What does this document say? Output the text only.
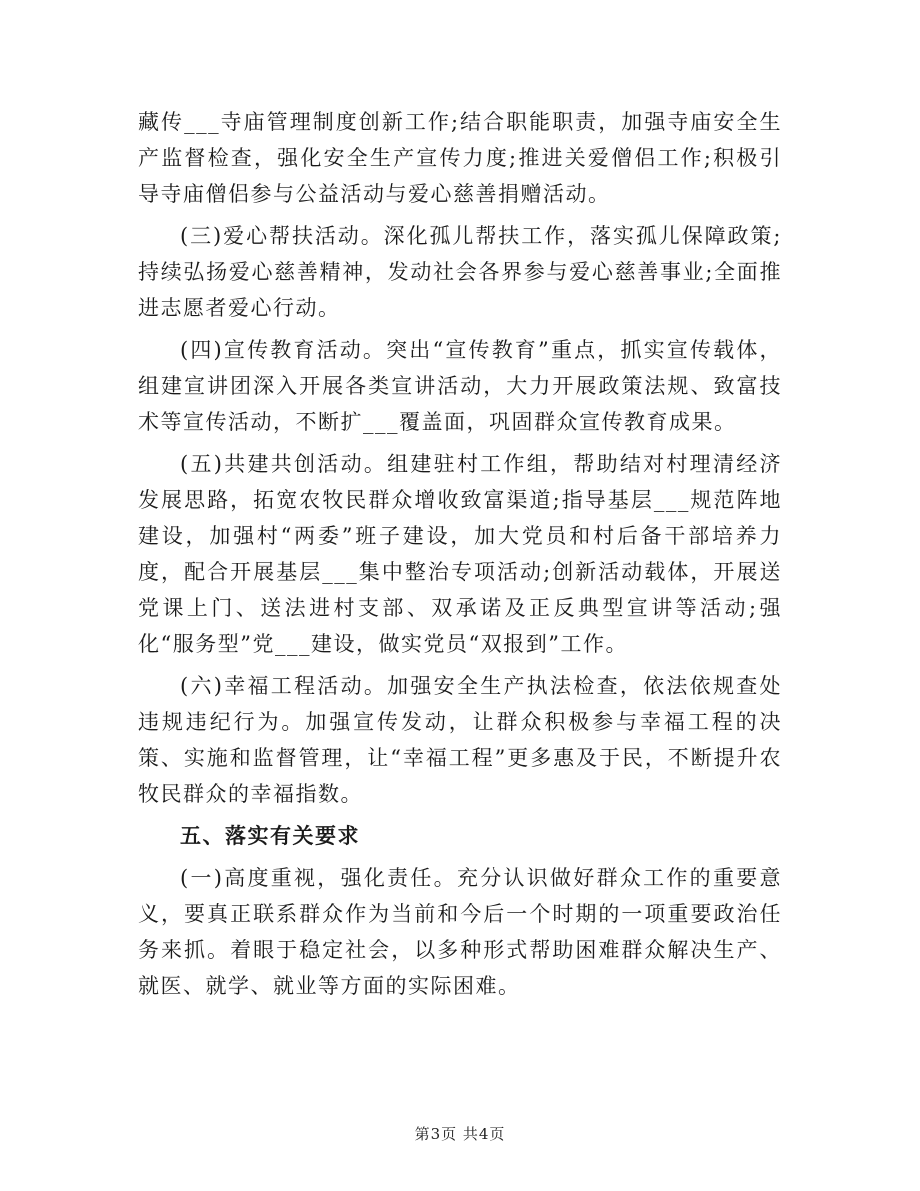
藏传___寺庙管理制度创新工作;结合职能职责，加强寺庙安全生产监督检查，强化安全生产宣传力度;推进关爱僧侣工作;积极引导寺庙僧侣参与公益活动与爱心慈善捐赠活动。

(三)爱心帮扶活动。深化孤儿帮扶工作，落实孤儿保障政策;持续弘扬爱心慈善精神，发动社会各界参与爱心慈善事业;全面推进志愿者爱心行动。

(四)宣传教育活动。突出“宣传教育”重点，抓实宣传载体，组建宣讲团深入开展各类宣讲活动，大力开展政策法规、致富技术等宣传活动，不断扩___覆盖面，巩固群众宣传教育成果。

(五)共建共创活动。组建驻村工作组，帮助结对村理清经济发展思路，拓宽农牧民群众增收致富渠道;指导基层___规范阵地建设，加强村“两委”班子建设，加大党员和村后备干部培养力度，配合开展基层___集中整治专项活动;创新活动载体，开展送党课上门、送法进村支部、双承诺及正反典型宣讲等活动;强化“服务型”党___建设，做实党员“双报到”工作。

(六)幸福工程活动。加强安全生产执法检查，依法依规查处违规违纪行为。加强宣传发动，让群众积极参与幸福工程的决策、实施和监督管理，让“幸福工程”更多惠及于民，不断提升农牧民群众的幸福指数。

五、落实有关要求

(一)高度重视，强化责任。充分认识做好群众工作的重要意义，要真正联系群众作为当前和今后一个时期的一项重要政治任务来抓。着眼于稳定社会，以多种形式帮助困难群众解决生产、就医、就学、就业等方面的实际困难。

第3页 共4页
